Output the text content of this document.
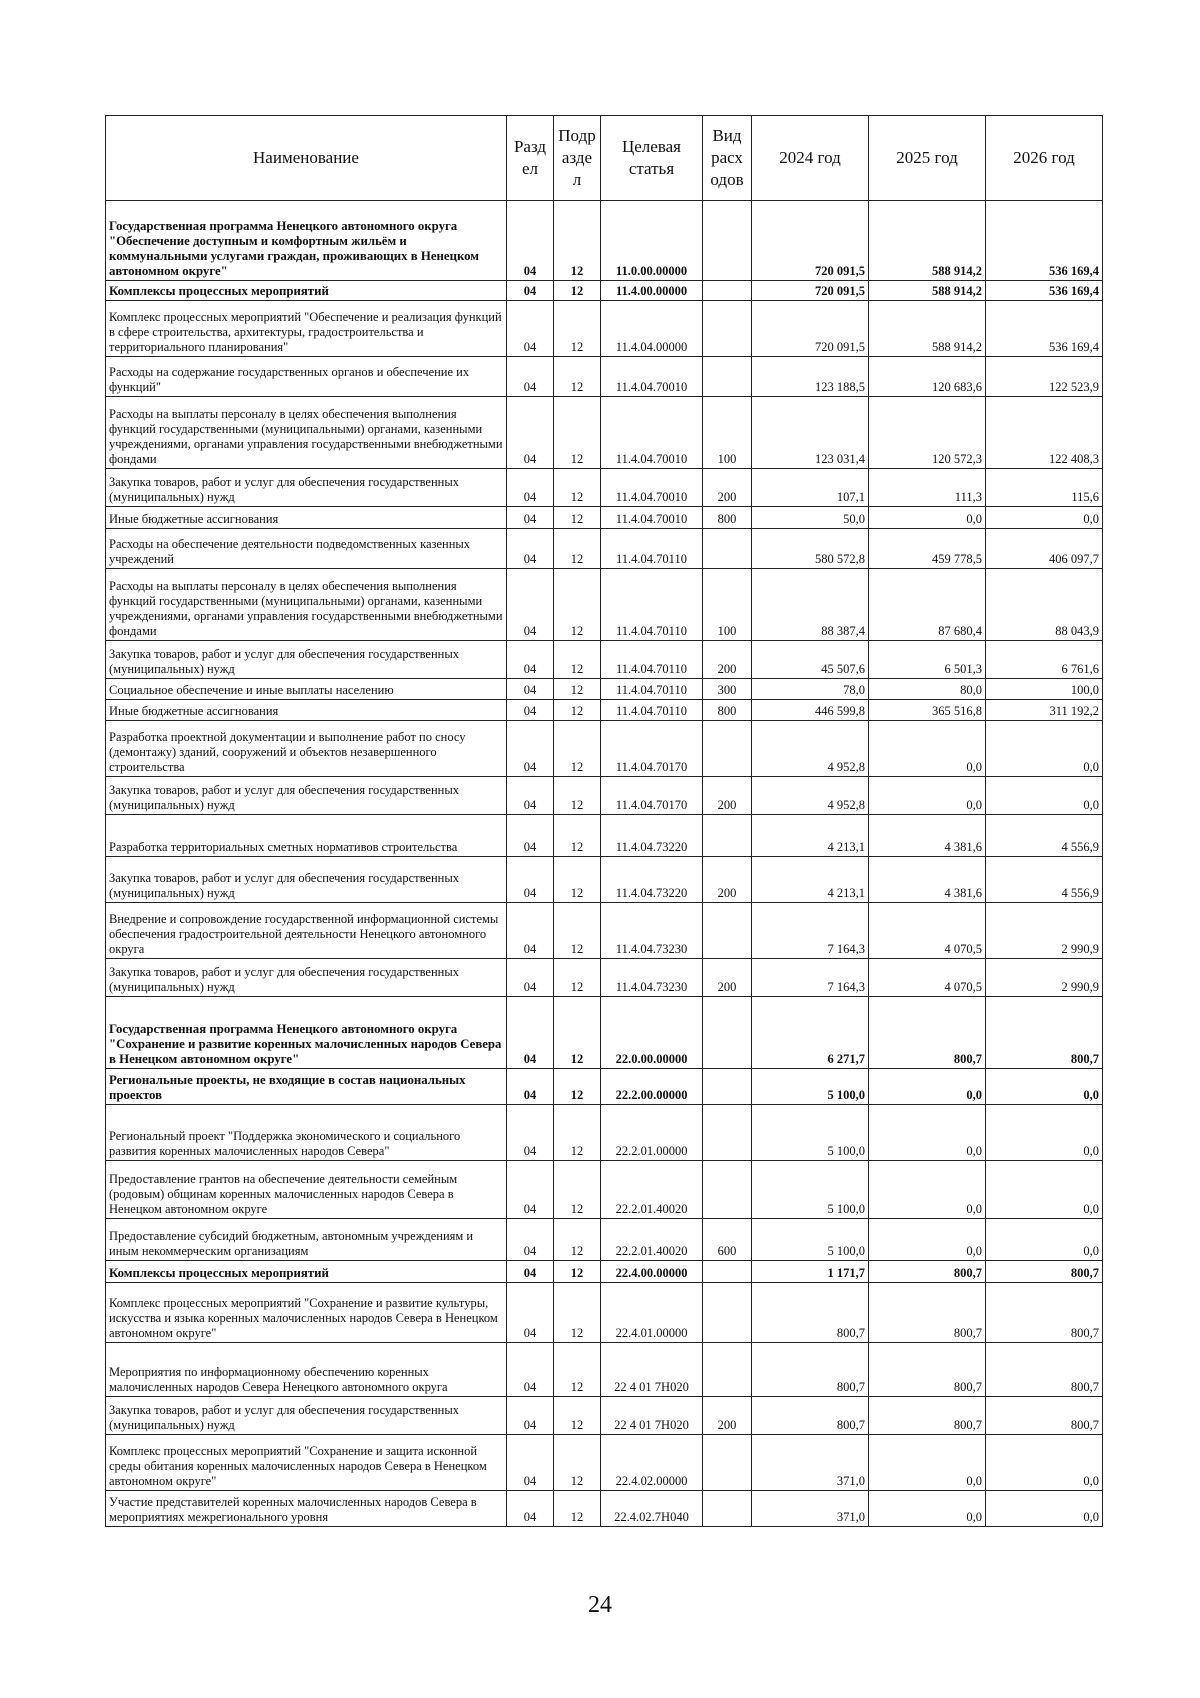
Наименование	Разд ел	Подр азде л	Целевая статья	Вид расх одов	2024 год	2025 год	2026 год
Государственная программа Ненецкого автономного округа "Обеспечение доступным и комфортным жильём и коммунальными услугами граждан, проживающих в Ненецком автономном округе"	04	12	11.0.00.00000		720 091,5	588 914,2	536 169,4
Комплексы процессных мероприятий	04	12	11.4.00.00000		720 091,5	588 914,2	536 169,4
Комплекс процессных мероприятий "Обеспечение и реализация функций в сфере строительства, архитектуры, градостроительства и территориального планирования"	04	12	11.4.04.00000		720 091,5	588 914,2	536 169,4
Расходы на содержание государственных органов и обеспечение их функций"	04	12	11.4.04.70010		123 188,5	120 683,6	122 523,9
Расходы на выплаты персоналу в целях обеспечения выполнения функций государственными (муниципальными) органами, казенными учреждениями, органами управления государственными внебюджетными фондами	04	12	11.4.04.70010	100	123 031,4	120 572,3	122 408,3
Закупка товаров, работ и услуг для обеспечения государственных (муниципальных) нужд	04	12	11.4.04.70010	200	107,1	111,3	115,6
Иные бюджетные ассигнования	04	12	11.4.04.70010	800	50,0	0,0	0,0
Расходы на обеспечение деятельности подведомственных казенных учреждений	04	12	11.4.04.70110		580 572,8	459 778,5	406 097,7
Расходы на выплаты персоналу в целях обеспечения выполнения функций государственными (муниципальными) органами, казенными учреждениями, органами управления государственными внебюджетными фондами	04	12	11.4.04.70110	100	88 387,4	87 680,4	88 043,9
Закупка товаров, работ и услуг для обеспечения государственных (муниципальных) нужд	04	12	11.4.04.70110	200	45 507,6	6 501,3	6 761,6
Социальное обеспечение и иные выплаты населению	04	12	11.4.04.70110	300	78,0	80,0	100,0
Иные бюджетные ассигнования	04	12	11.4.04.70110	800	446 599,8	365 516,8	311 192,2
Разработка проектной документации и выполнение работ по сносу (демонтажу) зданий, сооружений и объектов незавершенного строительства	04	12	11.4.04.70170		4 952,8	0,0	0,0
Закупка товаров, работ и услуг для обеспечения государственных (муниципальных) нужд	04	12	11.4.04.70170	200	4 952,8	0,0	0,0
Разработка территориальных сметных нормативов строительства	04	12	11.4.04.73220		4 213,1	4 381,6	4 556,9
Закупка товаров, работ и услуг для обеспечения государственных (муниципальных) нужд	04	12	11.4.04.73220	200	4 213,1	4 381,6	4 556,9
Внедрение и сопровождение государственной информационной системы обеспечения градостроительной деятельности Ненецкого автономного округа	04	12	11.4.04.73230		7 164,3	4 070,5	2 990,9
Закупка товаров, работ и услуг для обеспечения государственных (муниципальных) нужд	04	12	11.4.04.73230	200	7 164,3	4 070,5	2 990,9
Государственная программа Ненецкого автономного округа "Сохранение и развитие коренных малочисленных народов Севера в Ненецком автономном округе"	04	12	22.0.00.00000		6 271,7	800,7	800,7
Региональные проекты, не входящие в состав национальных проектов	04	12	22.2.00.00000		5 100,0	0,0	0,0
Региональный проект "Поддержка экономического и социального развития коренных малочисленных народов Севера"	04	12	22.2.01.00000		5 100,0	0,0	0,0
Предоставление грантов на обеспечение деятельности семейным (родовым) общинам коренных малочисленных народов Севера в Ненецком автономном округе	04	12	22.2.01.40020		5 100,0	0,0	0,0
Предоставление субсидий бюджетным, автономным учреждениям и иным некоммерческим организациям	04	12	22.2.01.40020	600	5 100,0	0,0	0,0
Комплексы процессных мероприятий	04	12	22.4.00.00000		1 171,7	800,7	800,7
Комплекс процессных мероприятий "Сохранение и развитие культуры, искусства и языка коренных малочисленных народов Севера в Ненецком автономном округе"	04	12	22.4.01.00000		800,7	800,7	800,7
Мероприятия по информационному обеспечению коренных малочисленных народов Севера Ненецкого автономного округа	04	12	22 4 01 7Н020		800,7	800,7	800,7
Закупка товаров, работ и услуг для обеспечения государственных (муниципальных) нужд	04	12	22 4 01 7Н020	200	800,7	800,7	800,7
Комплекс процессных мероприятий "Сохранение и защита исконной среды обитания коренных малочисленных народов Севера в Ненецком автономном округе"	04	12	22.4.02.00000		371,0	0,0	0,0
Участие представителей коренных малочисленных народов Севера в мероприятиях межрегионального уровня	04	12	22.4.02.7Н040		371,0	0,0	0,0
24
